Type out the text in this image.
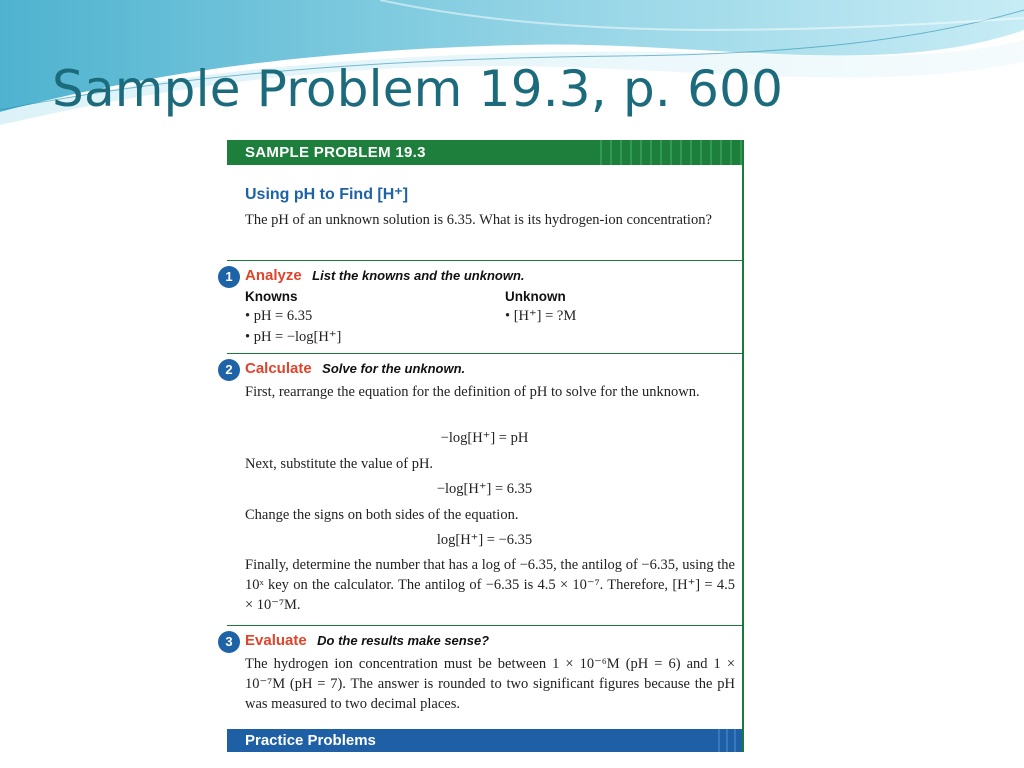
Sample Problem 19.3, p. 600
SAMPLE PROBLEM 19.3
Using pH to Find [H⁺]
The pH of an unknown solution is 6.35. What is its hydrogen-ion concentration?
1 Analyze List the knowns and the unknown.
Knowns	Unknown
• pH = 6.35
• pH = −log[H⁺]
• [H⁺] = ?M
2 Calculate Solve for the unknown.
First, rearrange the equation for the definition of pH to solve for the unknown.
−log[H⁺] = pH
Next, substitute the value of pH.
−log[H⁺] = 6.35
Change the signs on both sides of the equation.
log[H⁺] = −6.35
Finally, determine the number that has a log of −6.35, the antilog of −6.35, using the 10ˣ key on the calculator. The antilog of −6.35 is 4.5 × 10⁻⁷. Therefore, [H⁺] = 4.5 × 10⁻⁷M.
3 Evaluate Do the results make sense?
The hydrogen ion concentration must be between 1 × 10⁻⁶M (pH = 6) and 1 × 10⁻⁷M (pH = 7). The answer is rounded to two significant figures because the pH was measured to two decimal places.
Practice Problems
